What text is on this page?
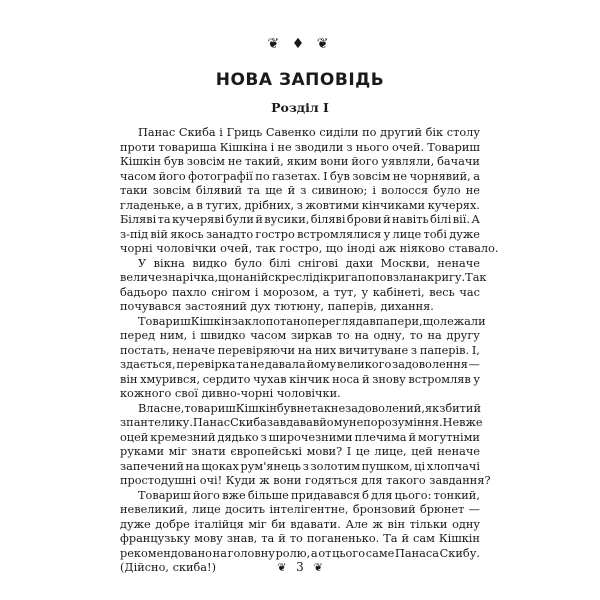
❦ ♦ ❦
НОВА ЗАПОВІДЬ
Розділ I
Панас Скиба і Гриць Савенко сиділи по другий бік столу
проти товариша Кішкіна і не зводили з нього очей. Товариш
Кішкін був зовсім не такий, яким вони його уявляли, бачачи
часом його фотографії по газетах. І був зовсім не чорнявий, а
таки зовсім білявий та ще й з сивиною; і волосся було не
гладеньке, а в тугих, дрібних, з жовтими кінчиками кучерях.
Біляві та кучеряві були й вусики, біляві брови й навіть білі вії. А
з-під вій якось занадто гостро встромлялися у лице тобі дуже
чорні чоловічки очей, так гостро, що іноді аж ніяково ставало.
У вікна видко було білі снігові дахи Москви, неначе
величезна річка, що на ній скрес лід і крига поповзла на кригу. Так
бадьоро пахло снігом і морозом, а тут, у кабінеті, весь час
почувався застояний дух тютюну, паперів, дихання.
Товариш Кішкін заклопотано переглядав папери, що лежали
перед ним, і швидко часом зиркав то на одну, то на другу
постать, неначе перевіряючи на них вичитуване з паперів. І,
здається, перевірка та не давала йому великого задоволення —
він хмурився, сердито чухав кінчик носа й знову встромляв у
кожного свої дивно-чорні чоловічки.
Власне, товариш Кішкін був не так незадоволений, як збитий
з пантелику. Панас Скиба завдавав йому непорозуміння. Невже
оцей кремезний дядько з широчезними плечима й могутніми
руками міг знати європейські мови? І це лице, цей неначе
запечений на щоках рум'янець з золотим пушком, ці хлопчачі
простодушні очі! Куди ж вони годяться для такого завдання?
Товариш його вже більше придавався б для цього: тонкий,
невеликий, лице досить інтелігентне, бронзовий брюнет —
дуже добре італійця міг би вдавати. Але ж він тільки одну
французьку мову знав, та й то поганенько. Та й сам Кішкін
рекомендовано на головну ролю, а от цього саме Панаса Скибу.
(Дійсно, скиба!)	❦ 3 ❦
